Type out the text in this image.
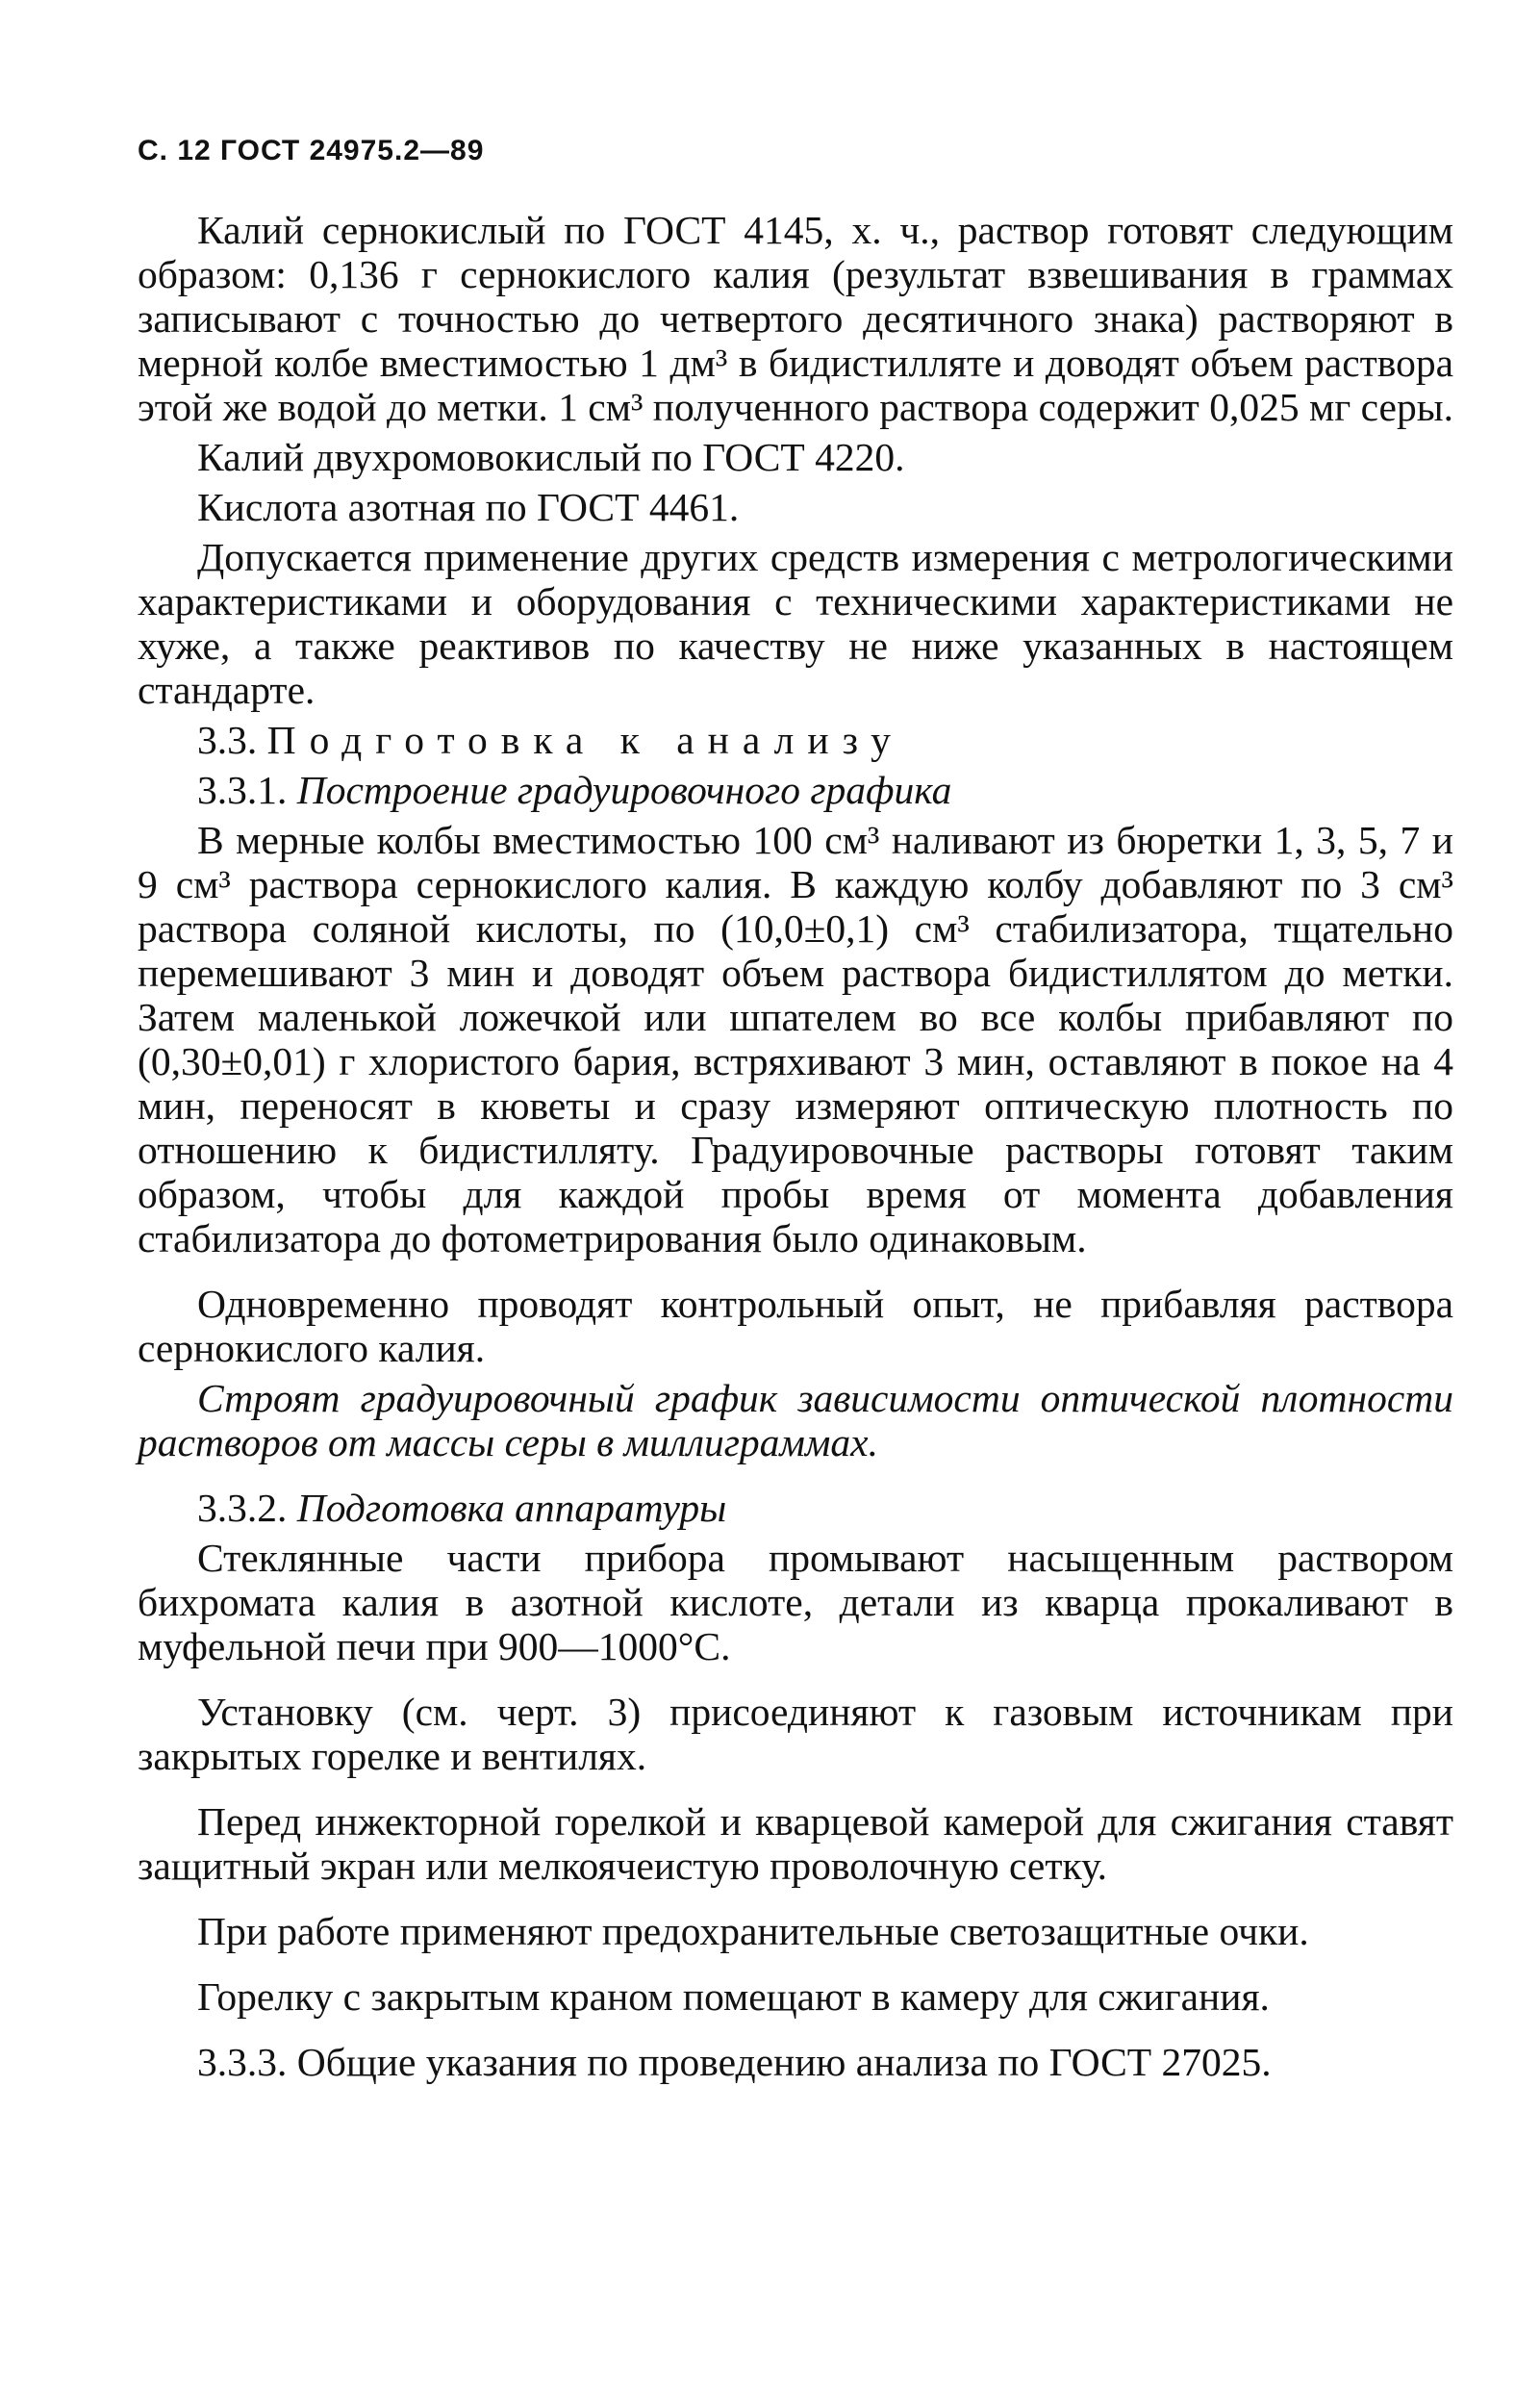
С. 12 ГОСТ 24975.2—89

Калий сернокислый по ГОСТ 4145, х. ч., раствор готовят следующим образом: 0,136 г сернокислого калия (результат взвешивания в граммах записывают с точностью до четвертого десятичного знака) растворяют в мерной колбе вместимостью 1 дм³ в бидистилляте и доводят объем раствора этой же водой до метки. 1 см³ полученного раствора содержит 0,025 мг серы.

Калий двухромовокислый по ГОСТ 4220.

Кислота азотная по ГОСТ 4461.

Допускается применение других средств измерения с метрологическими характеристиками и оборудования с техническими характеристиками не хуже, а также реактивов по качеству не ниже указанных в настоящем стандарте.

3.3. Подготовка к анализу

3.3.1. Построение градуировочного графика

В мерные колбы вместимостью 100 см³ наливают из бюретки 1, 3, 5, 7 и 9 см³ раствора сернокислого калия. В каждую колбу добавляют по 3 см³ раствора соляной кислоты, по (10,0±0,1) см³ стабилизатора, тщательно перемешивают 3 мин и доводят объем раствора бидистиллятом до метки. Затем маленькой ложечкой или шпателем во все колбы прибавляют по (0,30±0,01) г хлористого бария, встряхивают 3 мин, оставляют в покое на 4 мин, переносят в кюветы и сразу измеряют оптическую плотность по отношению к бидистилляту. Градуировочные растворы готовят таким образом, чтобы для каждой пробы время от момента добавления стабилизатора до фотометрирования было одинаковым.

Одновременно проводят контрольный опыт, не прибавляя раствора сернокислого калия.

Строят градуировочный график зависимости оптической плотности растворов от массы серы в миллиграммах.

3.3.2. Подготовка аппаратуры

Стеклянные части прибора промывают насыщенным раствором бихромата калия в азотной кислоте, детали из кварца прокаливают в муфельной печи при 900—1000°С.

Установку (см. черт. 3) присоединяют к газовым источникам при закрытых горелке и вентилях.

Перед инжекторной горелкой и кварцевой камерой для сжигания ставят защитный экран или мелкоячеистую проволочную сетку.

При работе применяют предохранительные светозащитные очки.

Горелку с закрытым краном помещают в камеру для сжигания.

3.3.3. Общие указания по проведению анализа по ГОСТ 27025.
